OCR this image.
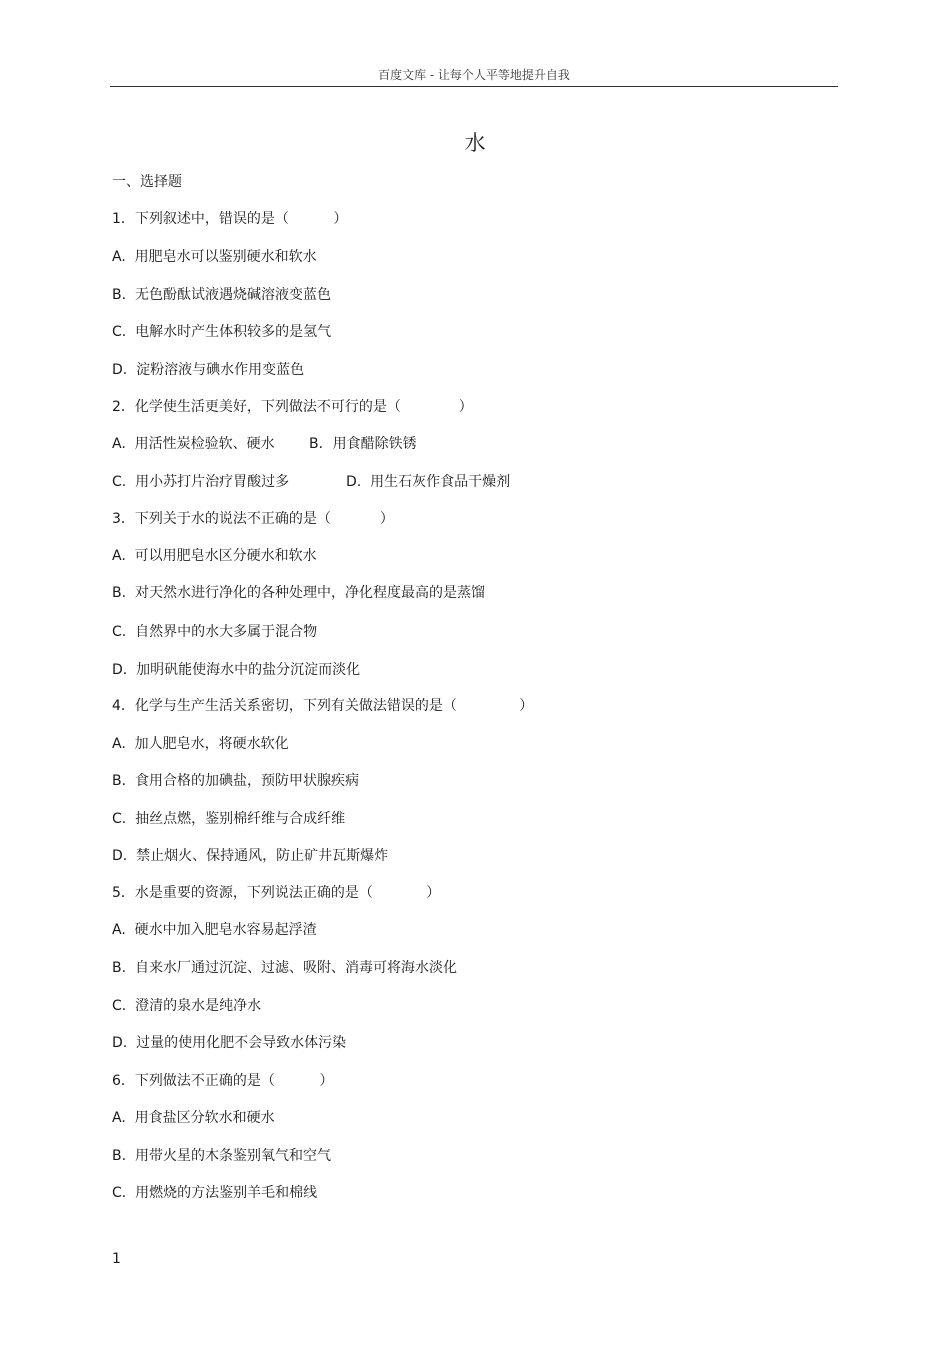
百度文库 - 让每个人平等地提升自我
水
一、选择题
1．下列叙述中，错误的是（          ）
A.  用肥皂水可以鉴别硬水和软水
B.  无色酚酞试液遇烧碱溶液变蓝色
C.  电解水时产生体积较多的是氢气
D.  淀粉溶液与碘水作用变蓝色
2．化学使生活更美好，下列做法不可行的是（             ）
A.  用活性炭检验软、硬水 B．用食醋除铁锈
C.  用小苏打片治疗胃酸过多	D.  用生石灰作食品干燥剂
3．下列关于水的说法不正确的是（           ）
A.  可以用肥皂水区分硬水和软水
B.  对天然水进行净化的各种处理中，净化程度最高的是蒸馏
C.  自然界中的水大多属于混合物
D.  加明矾能使海水中的盐分沉淀而淡化
4．化学与生产生活关系密切，下列有关做法错误的是（              ）
A.  加人肥皂水，将硬水软化
B.  食用合格的加碘盐，预防甲状腺疾病
C.  抽丝点燃，鉴别棉纤维与合成纤维
D.  禁止烟火、保持通风，防止矿井瓦斯爆炸
5．水是重要的资源，下列说法正确的是（            ）
A.  硬水中加入肥皂水容易起浮渣
B.  自来水厂通过沉淀、过滤、吸附、消毒可将海水淡化
C.  澄清的泉水是纯净水
D.  过量的使用化肥不会导致水体污染
6．下列做法不正确的是（          ）
A.  用食盐区分软水和硬水
B.  用带火星的木条鉴别氧气和空气
C.  用燃烧的方法鉴别羊毛和棉线
1
